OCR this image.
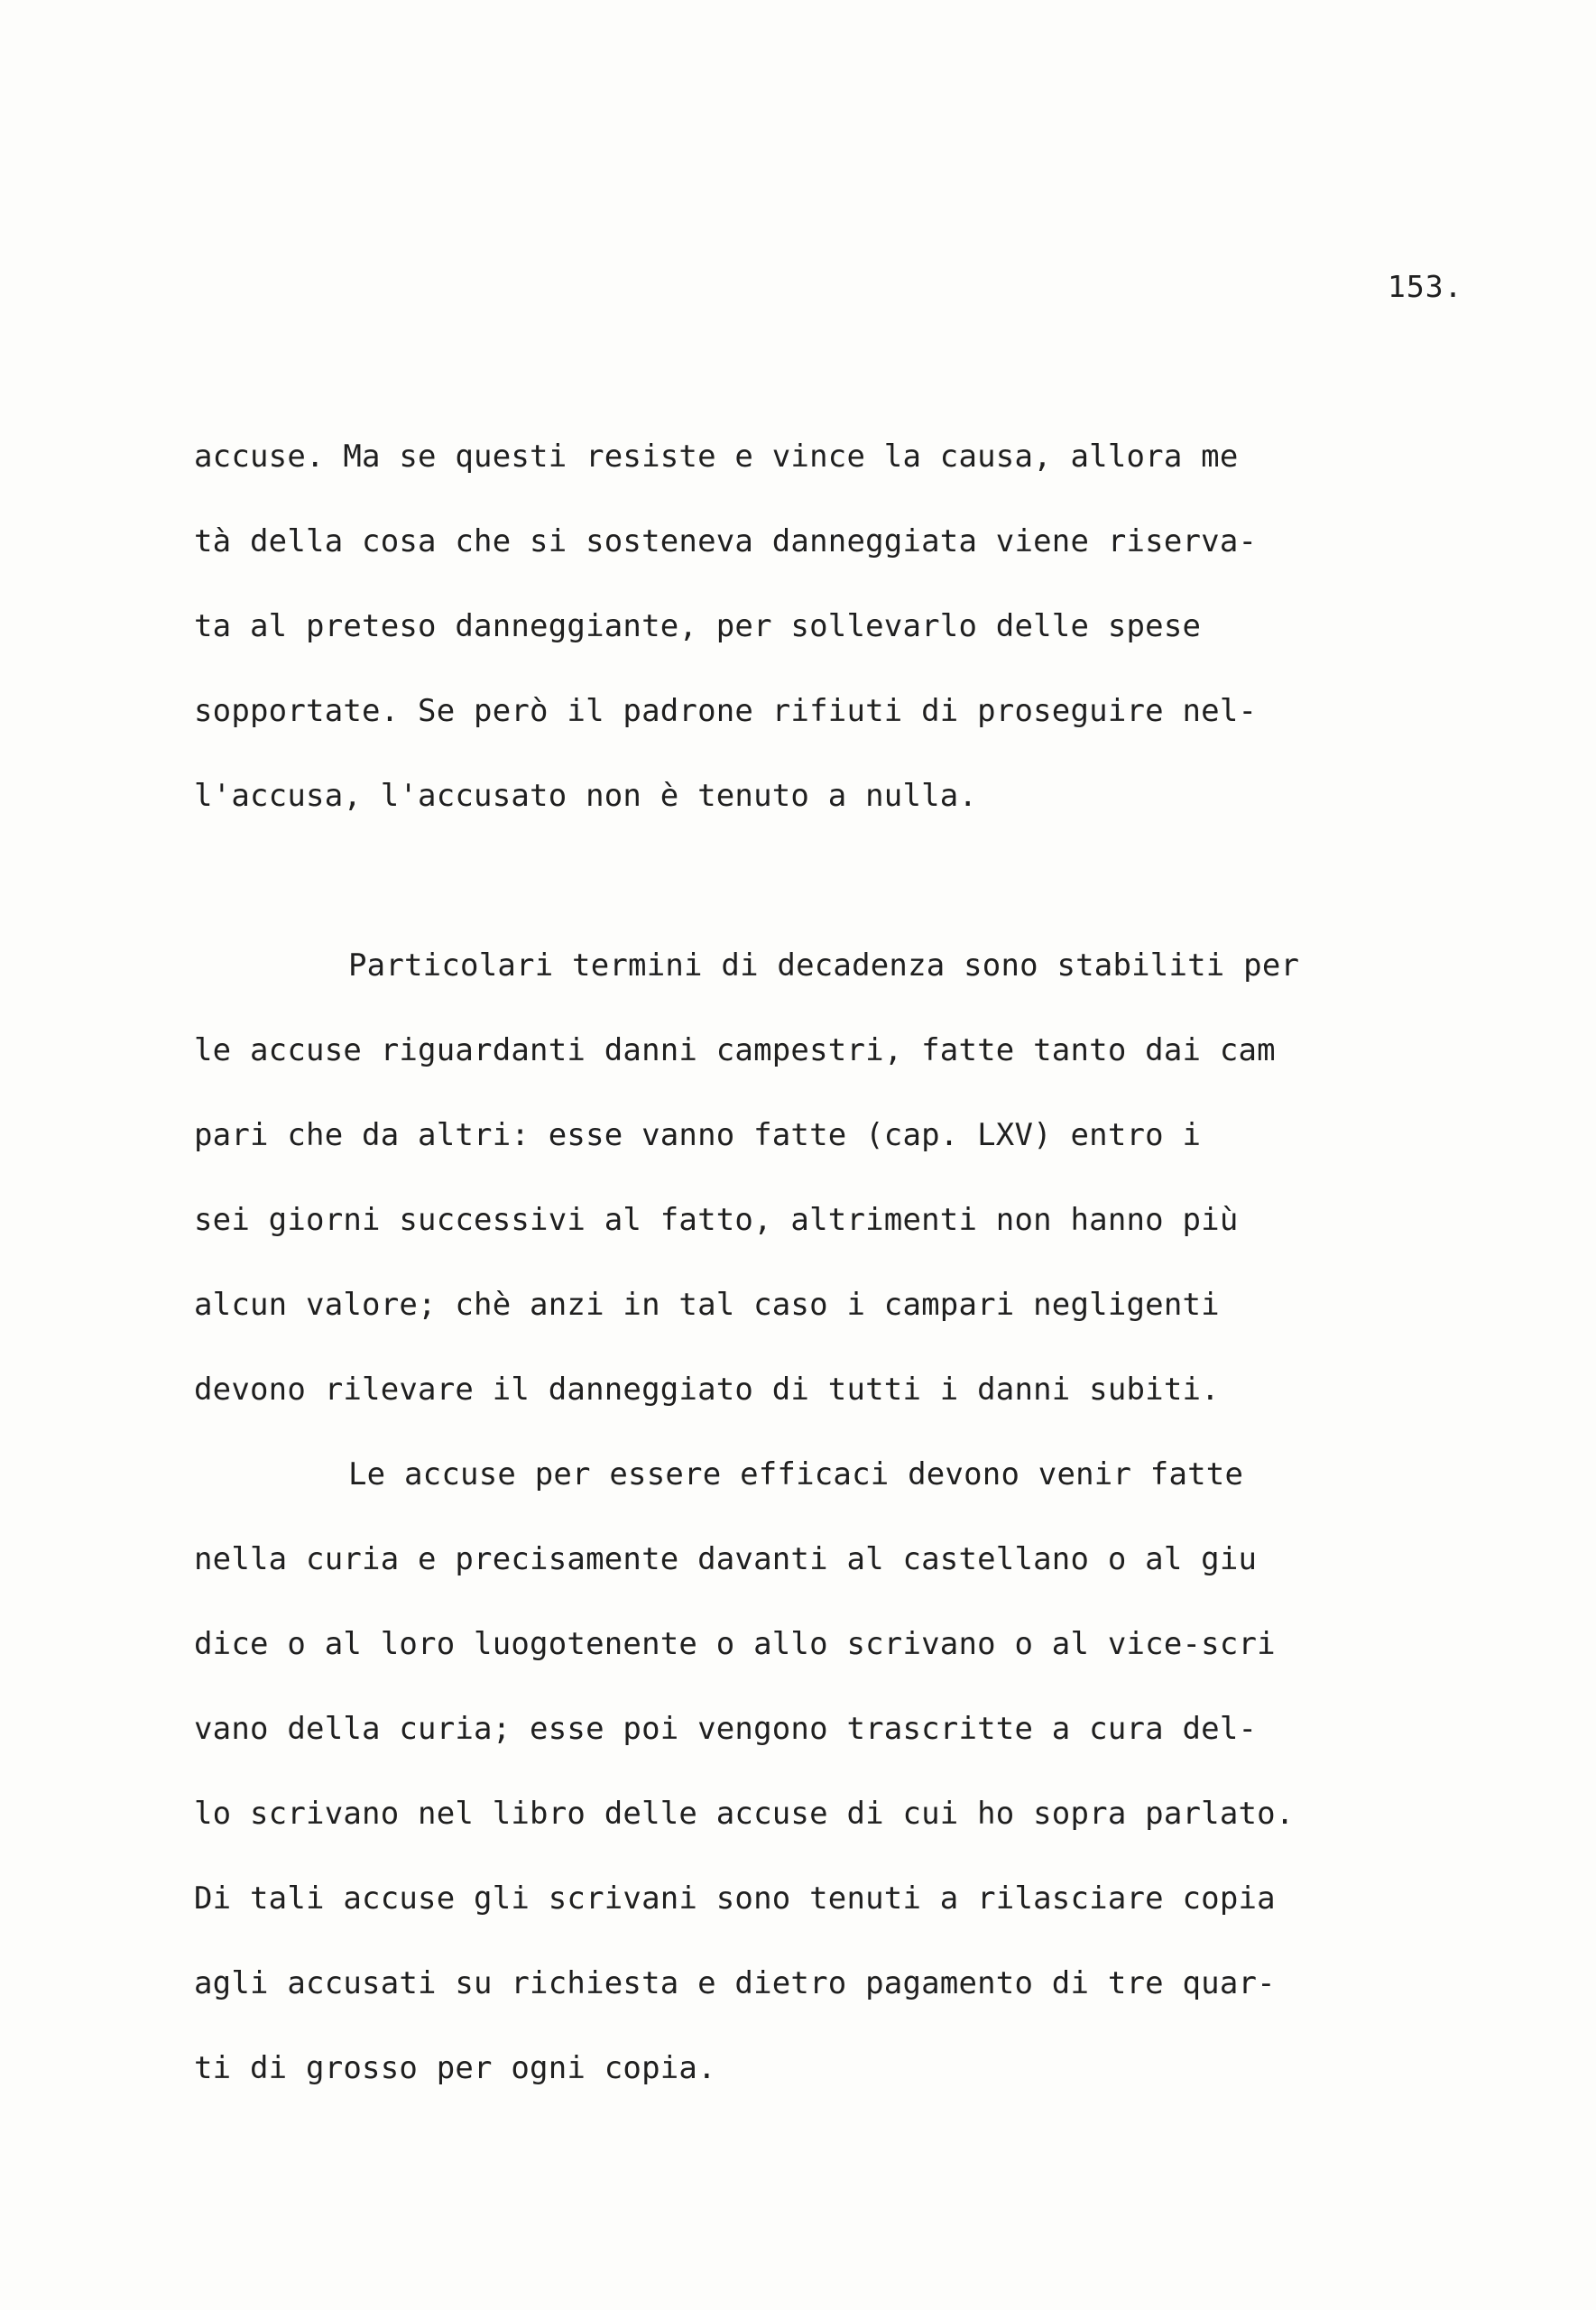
153.
accuse. Ma se questi resiste e vince la causa, allora me
tà della cosa che si sosteneva danneggiata viene riserva-
ta al preteso danneggiante, per sollevarlo delle spese
sopportate. Se però il padrone rifiuti di proseguire nel-
l'accusa, l'accusato non è tenuto a nulla.
Particolari termini di decadenza sono stabiliti per
le accuse riguardanti danni campestri, fatte tanto dai cam
pari che da altri: esse vanno fatte (cap. LXV) entro i
sei giorni successivi al fatto, altrimenti non hanno più
alcun valore; chè anzi in tal caso i campari negligenti
devono rilevare il danneggiato di tutti i danni subiti.
Le accuse per essere efficaci devono venir fatte
nella curia e precisamente davanti al castellano o al giu
dice o al loro luogotenente o allo scrivano o al vice-scri
vano della curia; esse poi vengono trascritte a cura del-
lo scrivano nel libro delle accuse di cui ho sopra parlato.
Di tali accuse gli scrivani sono tenuti a rilasciare copia
agli accusati su richiesta e dietro pagamento di tre quar-
ti di grosso per ogni copia.
